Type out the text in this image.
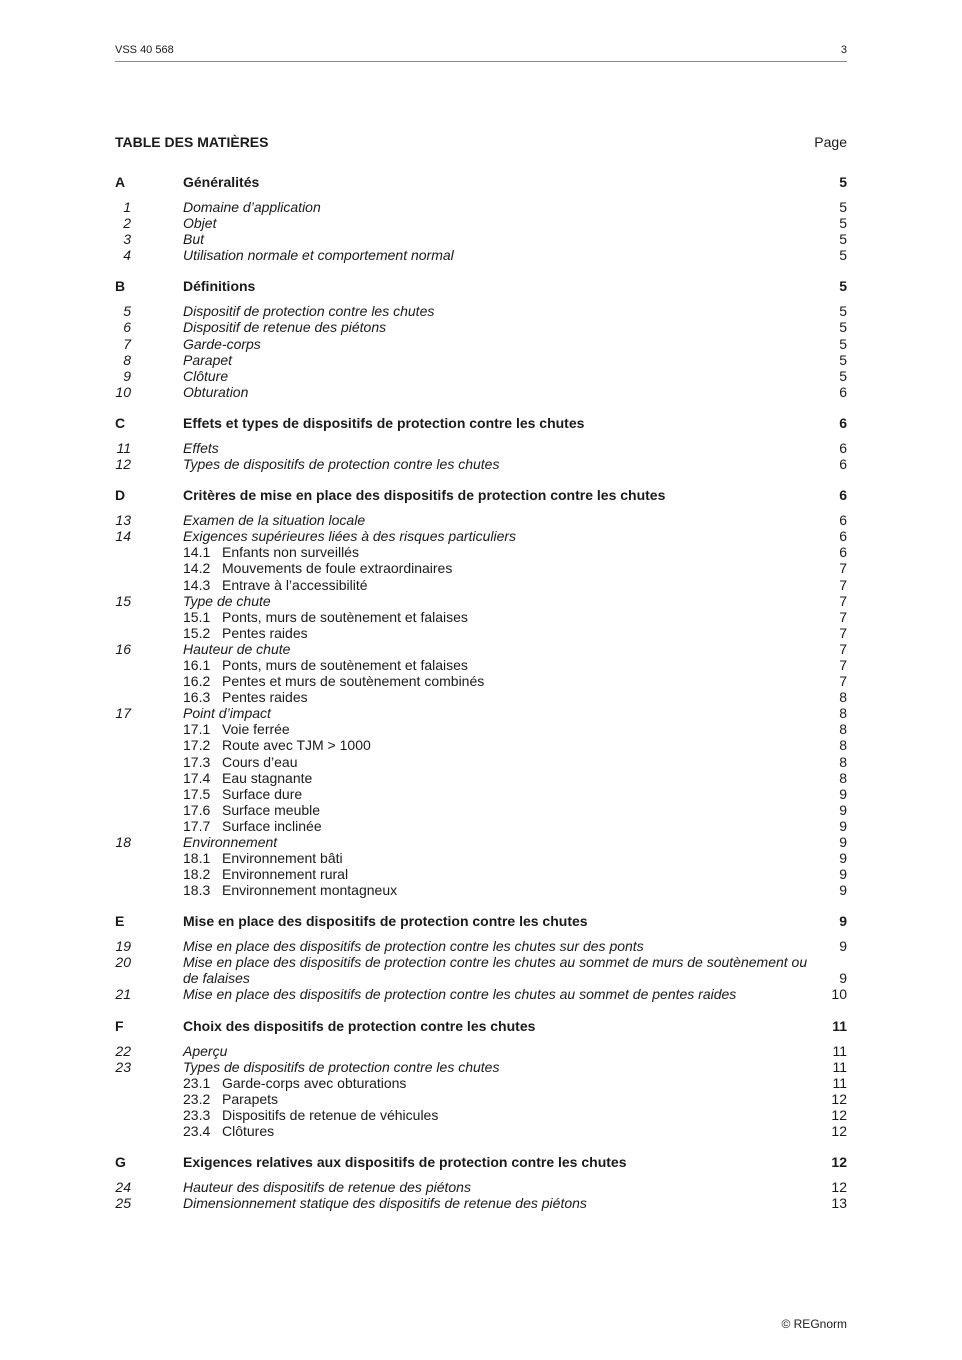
VSS 40 568	3
TABLE DES MATIÈRES	Page
A	Généralités	5
1	Domaine d’application	5
2	Objet	5
3	But	5
4	Utilisation normale et comportement normal	5
B	Définitions	5
5	Dispositif de protection contre les chutes	5
6	Dispositif de retenue des piétons	5
7	Garde-corps	5
8	Parapet	5
9	Clôture	5
10	Obturation	6
C	Effets et types de dispositifs de protection contre les chutes	6
11	Effets	6
12	Types de dispositifs de protection contre les chutes	6
D	Critères de mise en place des dispositifs de protection contre les chutes	6
13	Examen de la situation locale	6
14	Exigences supérieures liées à des risques particuliers	6
14.1 Enfants non surveillés	6
14.2 Mouvements de foule extraordinaires	7
14.3 Entrave à l’accessibilité	7
15	Type de chute	7
15.1 Ponts, murs de soutènement et falaises	7
15.2 Pentes raides	7
16	Hauteur de chute	7
16.1 Ponts, murs de soutènement et falaises	7
16.2 Pentes et murs de soutènement combinés	7
16.3 Pentes raides	8
17	Point d’impact	8
17.1 Voie ferrée	8
17.2 Route avec TJM > 1000	8
17.3 Cours d’eau	8
17.4 Eau stagnante	8
17.5 Surface dure	9
17.6 Surface meuble	9
17.7 Surface inclinée	9
18	Environnement	9
18.1 Environnement bâti	9
18.2 Environnement rural	9
18.3 Environnement montagneux	9
E	Mise en place des dispositifs de protection contre les chutes	9
19	Mise en place des dispositifs de protection contre les chutes sur des ponts	9
20	Mise en place des dispositifs de protection contre les chutes au sommet de murs de soutènement ou de falaises	9
21	Mise en place des dispositifs de protection contre les chutes au sommet de pentes raides	10
F	Choix des dispositifs de protection contre les chutes	11
22	Aperçu	11
23	Types de dispositifs de protection contre les chutes	11
23.1 Garde-corps avec obturations	11
23.2 Parapets	12
23.3 Dispositifs de retenue de véhicules	12
23.4 Clôtures	12
G	Exigences relatives aux dispositifs de protection contre les chutes	12
24	Hauteur des dispositifs de retenue des piétons	12
25	Dimensionnement statique des dispositifs de retenue des piétons	13
© REGnorm
